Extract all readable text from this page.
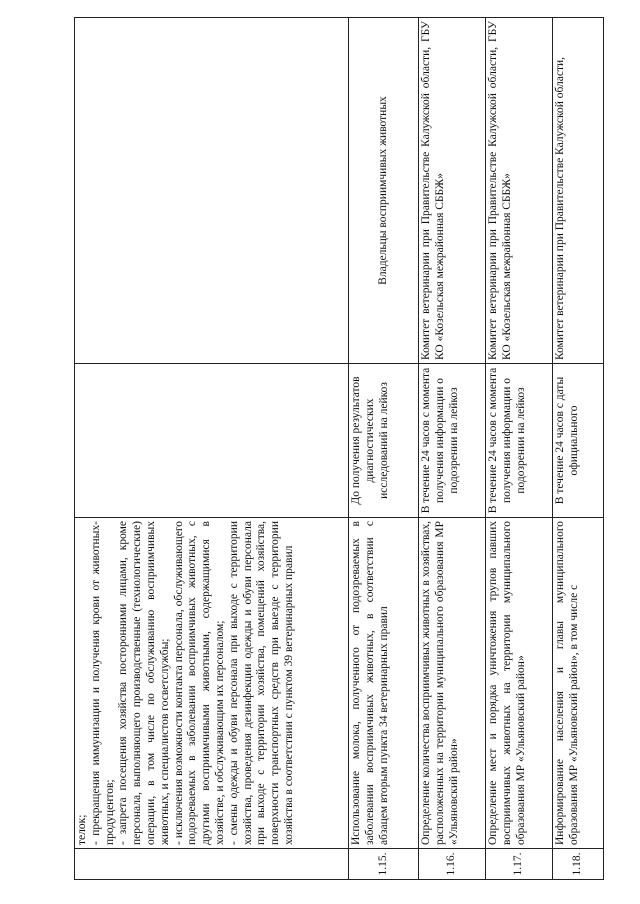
	телок; - прекращения иммунизации и получения крови от животных-продуцентов; - запрета посещения хозяйства посторонними лицами, кроме персонала, выполняющего производственные (технологические) операции, в том числе по обслуживанию восприимчивых животных, и специалистов госветслужбы; - исключения возможности контакта персонала, обслуживающего подозреваемых в заболевании восприимчивых животных, с другими восприимчивыми животными, содержащимися в хозяйстве, и обслуживающим их персоналом; - смены одежды и обуви персонала при выходе с территории хозяйства, проведения дезинфекции одежды и обуви персонала при выходе с территории хозяйства, помещений хозяйства, поверхности транспортных средств при выезде с территории хозяйства в соответствии с пунктом 39 ветеринарных правил		

1.15.	Использование молока, полученного от подозреваемых в заболевании восприимчивых животных, в соответствии с абзацем вторым пункта 34 ветеринарных правил	До получения результатов диагностических исследований на лейкоз	Владельцы восприимчивых животных
1.16.	Определение количества восприимчивых животных в хозяйствах, расположенных на территории муниципального образования МР «Ульяновский район»	В течение 24 часов с момента получения информации о подозрении на лейкоз	Комитет ветеринарии при Правительстве Калужской области, ГБУ КО «Козельская межрайонная СББЖ»
1.17.	Определение мест и порядка уничтожения трупов павших восприимчивых животных на территории муниципального образования МР «Ульяновский район»	В течение 24 часов с момента получения информации о подозрении на лейкоз	Комитет ветеринарии при Правительстве Калужской области, ГБУ КО «Козельская межрайонная СББЖ»
1.18.	Информирование населения и главы муниципального образования МР «Ульяновский район», в том числе с	В течение 24 часов с даты официального	Комитет ветеринарии при Правительстве Калужской области,
